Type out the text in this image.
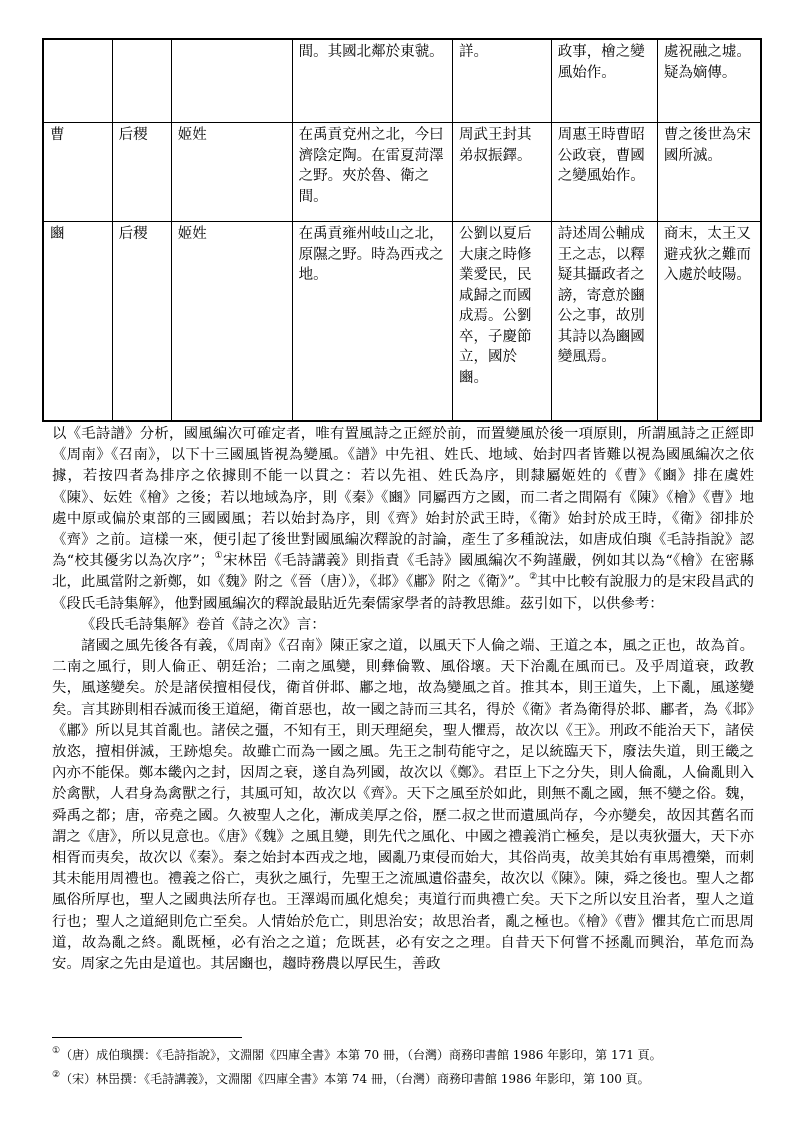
			間。其國北鄰於東虢。	詳。	政事，檜之變風始作。	處祝融之墟。疑為嫡傳。
曹	后稷	姬姓	在禹貢兗州之北，今曰濟陰定陶。在雷夏菏澤之野。夾於魯、衛之間。	周武王封其弟叔振鐸。	周惠王時曹昭公政衰，曹國之變風始作。	曹之後世為宋國所滅。
豳	后稷	姬姓	在禹貢雍州岐山之北，原隰之野。時為西戎之地。	公劉以夏后大康之時修業愛民，民咸歸之而國成焉。公劉卒，子慶節立，國於豳。	詩述周公輔成王之志，以釋疑其攝政者之謗，寄意於豳公之事，故別其詩以為豳國變風焉。	商末，太王又避戎狄之難而入處於岐陽。

以《毛詩譜》分析，國風編次可確定者，唯有置風詩之正經於前，而置變風於後一項原則，所謂風詩之正經即《周南》《召南》，以下十三國風皆視為變風。《譜》中先祖、姓氏、地域、始封四者皆難以視為國風編次之依據，若按四者為排序之依據則不能一以貫之：若以先祖、姓氏為序，則隸屬姬姓的《曹》《豳》排在虞姓《陳》、妘姓《檜》之後；若以地域為序，則《秦》《豳》同屬西方之國，而二者之間隔有《陳》《檜》《曹》地處中原或偏於東部的三國國風；若以始封為序，則《齊》始封於武王時，《衛》始封於成王時，《衛》卻排於《齊》之前。這樣一來，便引起了後世對國風編次釋說的討論，產生了多種說法，如唐成伯璵《毛詩指說》認為“校其優劣以為次序”；①宋林岊《毛詩講義》則指責《毛詩》國風編次不夠謹嚴，例如其以為“《檜》在密縣北，此風當附之新鄭，如《魏》附之《晉（唐）》，《邶》《鄘》附之《衛》”。②其中比較有說服力的是宋段昌武的《段氏毛詩集解》，他對國風編次的釋說最貼近先秦儒家學者的詩教思維。茲引如下，以供參考：

《段氏毛詩集解》卷首《詩之次》言：

諸國之風先後各有義，《周南》《召南》陳正家之道，以風天下人倫之端、王道之本，風之正也，故為首。二南之風行，則人倫正、朝廷治；二南之風變，則彝倫斁、風俗壞。天下治亂在風而已。及乎周道衰，政教失，風遂變矣。於是諸侯擅相侵伐，衛首併邶、鄘之地，故為變風之首。推其本，則王道失，上下亂，風遂變矣。言其跡則相吞滅而後王道絕，衛首惡也，故一國之詩而三其名，得於《衛》者為衛得於邶、鄘者，為《邶》《鄘》所以見其首亂也。諸侯之彊，不知有王，則天理絕矣，聖人懼焉，故次以《王》。刑政不能治天下，諸侯放恣，擅相併滅，王跡熄矣。故雖亡而為一國之風。先王之制苟能守之，足以統臨天下，廢法失道，則王畿之內亦不能保。鄭本畿內之封，因周之衰，遂自為列國，故次以《鄭》。君臣上下之分失，則人倫亂，人倫亂則入於禽獸，人君身為禽獸之行，其風可知，故次以《齊》。天下之風至於如此，則無不亂之國，無不變之俗。魏，舜禹之都；唐，帝堯之國。久被聖人之化，漸成美厚之俗，歷二叔之世而遺風尚存，今亦變矣，故因其舊名而謂之《唐》，所以見意也。《唐》《魏》之風且變，則先代之風化、中國之禮義消亡極矣，是以夷狄彊大，天下亦相胥而夷矣，故次以《秦》。秦之始封本西戎之地，國亂乃東侵而始大，其俗尚夷，故美其始有車馬禮樂，而刺其未能用周禮也。禮義之俗亡，夷狄之風行，先聖王之流風遺俗盡矣，故次以《陳》。陳，舜之後也。聖人之都風俗所厚也，聖人之國典法所存也。王澤竭而風化熄矣；夷道行而典禮亡矣。天下之所以安且治者，聖人之道行也；聖人之道絕則危亡至矣。人情始於危亡，則思治安；故思治者，亂之極也。《檜》《曹》懼其危亡而思周道，故為亂之終。亂既極，必有治之之道；危既甚，必有安之之理。自昔天下何嘗不拯亂而興治，革危而為安。周家之先由是道也。其居豳也，趨時務農以厚民生，善政

①（唐）成伯璵撰：《毛詩指說》，文淵閣《四庫全書》本第 70 冊，（台灣）商務印書館 1986 年影印，第 171 頁。
②（宋）林岊撰：《毛詩講義》，文淵閣《四庫全書》本第 74 冊，（台灣）商務印書館 1986 年影印，第 100 頁。
